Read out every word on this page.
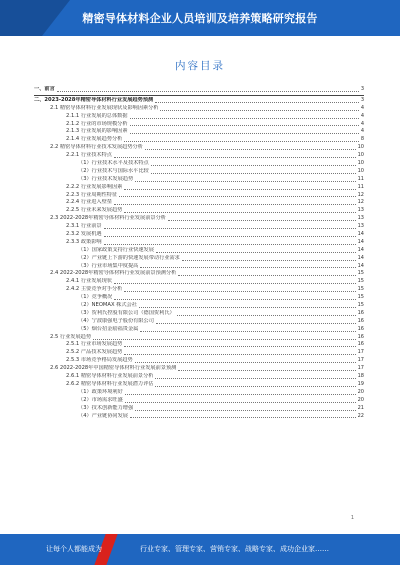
精密导体材料企业人员培训及培养策略研究报告
内容目录
一、前言	3
二、2023-2028年精密导体材料行业发展趋势预测	3
2.1 精密导体材料行业发展现状及影响因素分析	4
2.1.1 行业发展的总体数据	4
2.1.2 行业的市场规模分析	4
2.1.3 行业发展的影响因素	4
2.1.4 行业发展趋势分析	8
2.2 精密导体材料行业技术发展趋势分析	10
2.2.1 行业技术特点	10
（1）行业技术水平及技术特点	10
（2）行业技术与国际水平比较	10
（3）行业技术发展趋势	11
2.2.2 行业发展影响因素	11
2.2.3 行业周期性特征	12
2.2.4 行业进入壁垒	12
2.2.5 行业未来发展趋势	13
2.3 2022-2028年精密导体材料行业发展前景分析	13
2.3.1 行业前景	13
2.3.2 发展机遇	14
2.3.3 政策影响	14
（1）国家政策支持行业快速发展	14
（2）产业链上下游的快速发展带动行业需求	14
（3）行业市场集中度提高	14
2.4 2022-2028年精密导体材料行业发展前景预测分析	15
2.4.1 行业发展现状	15
2.4.2 主要竞争对手分析	15
（1）竞争概况	15
（2）NEOMAX 株式会社	15
（3）贺利氏控股有限公司（德国贺利氏）	16
（4）宁波康强电子股份有限公司	16
（5）烟台招金励福贵金属	16
2.5 行业发展趋势	16
2.5.1 行业市场发展趋势	16
2.5.2 产品技术发展趋势	17
2.5.3 市场竞争格局发展趋势	17
2.6 2022-2028年中国精密导体材料行业发展前景预测	17
2.6.1 精密导体材料行业发展前景分析	18
2.6.2 精密导体材料行业发展潜力评估	19
（1）政策环境利好	20
（2）市场需求旺盛	20
（3）技术创新能力增强	21
（4）产业链协同发展	22
1
让每个人都能成为	行业专家、管理专家、营销专家、战略专家、成功企业家……
